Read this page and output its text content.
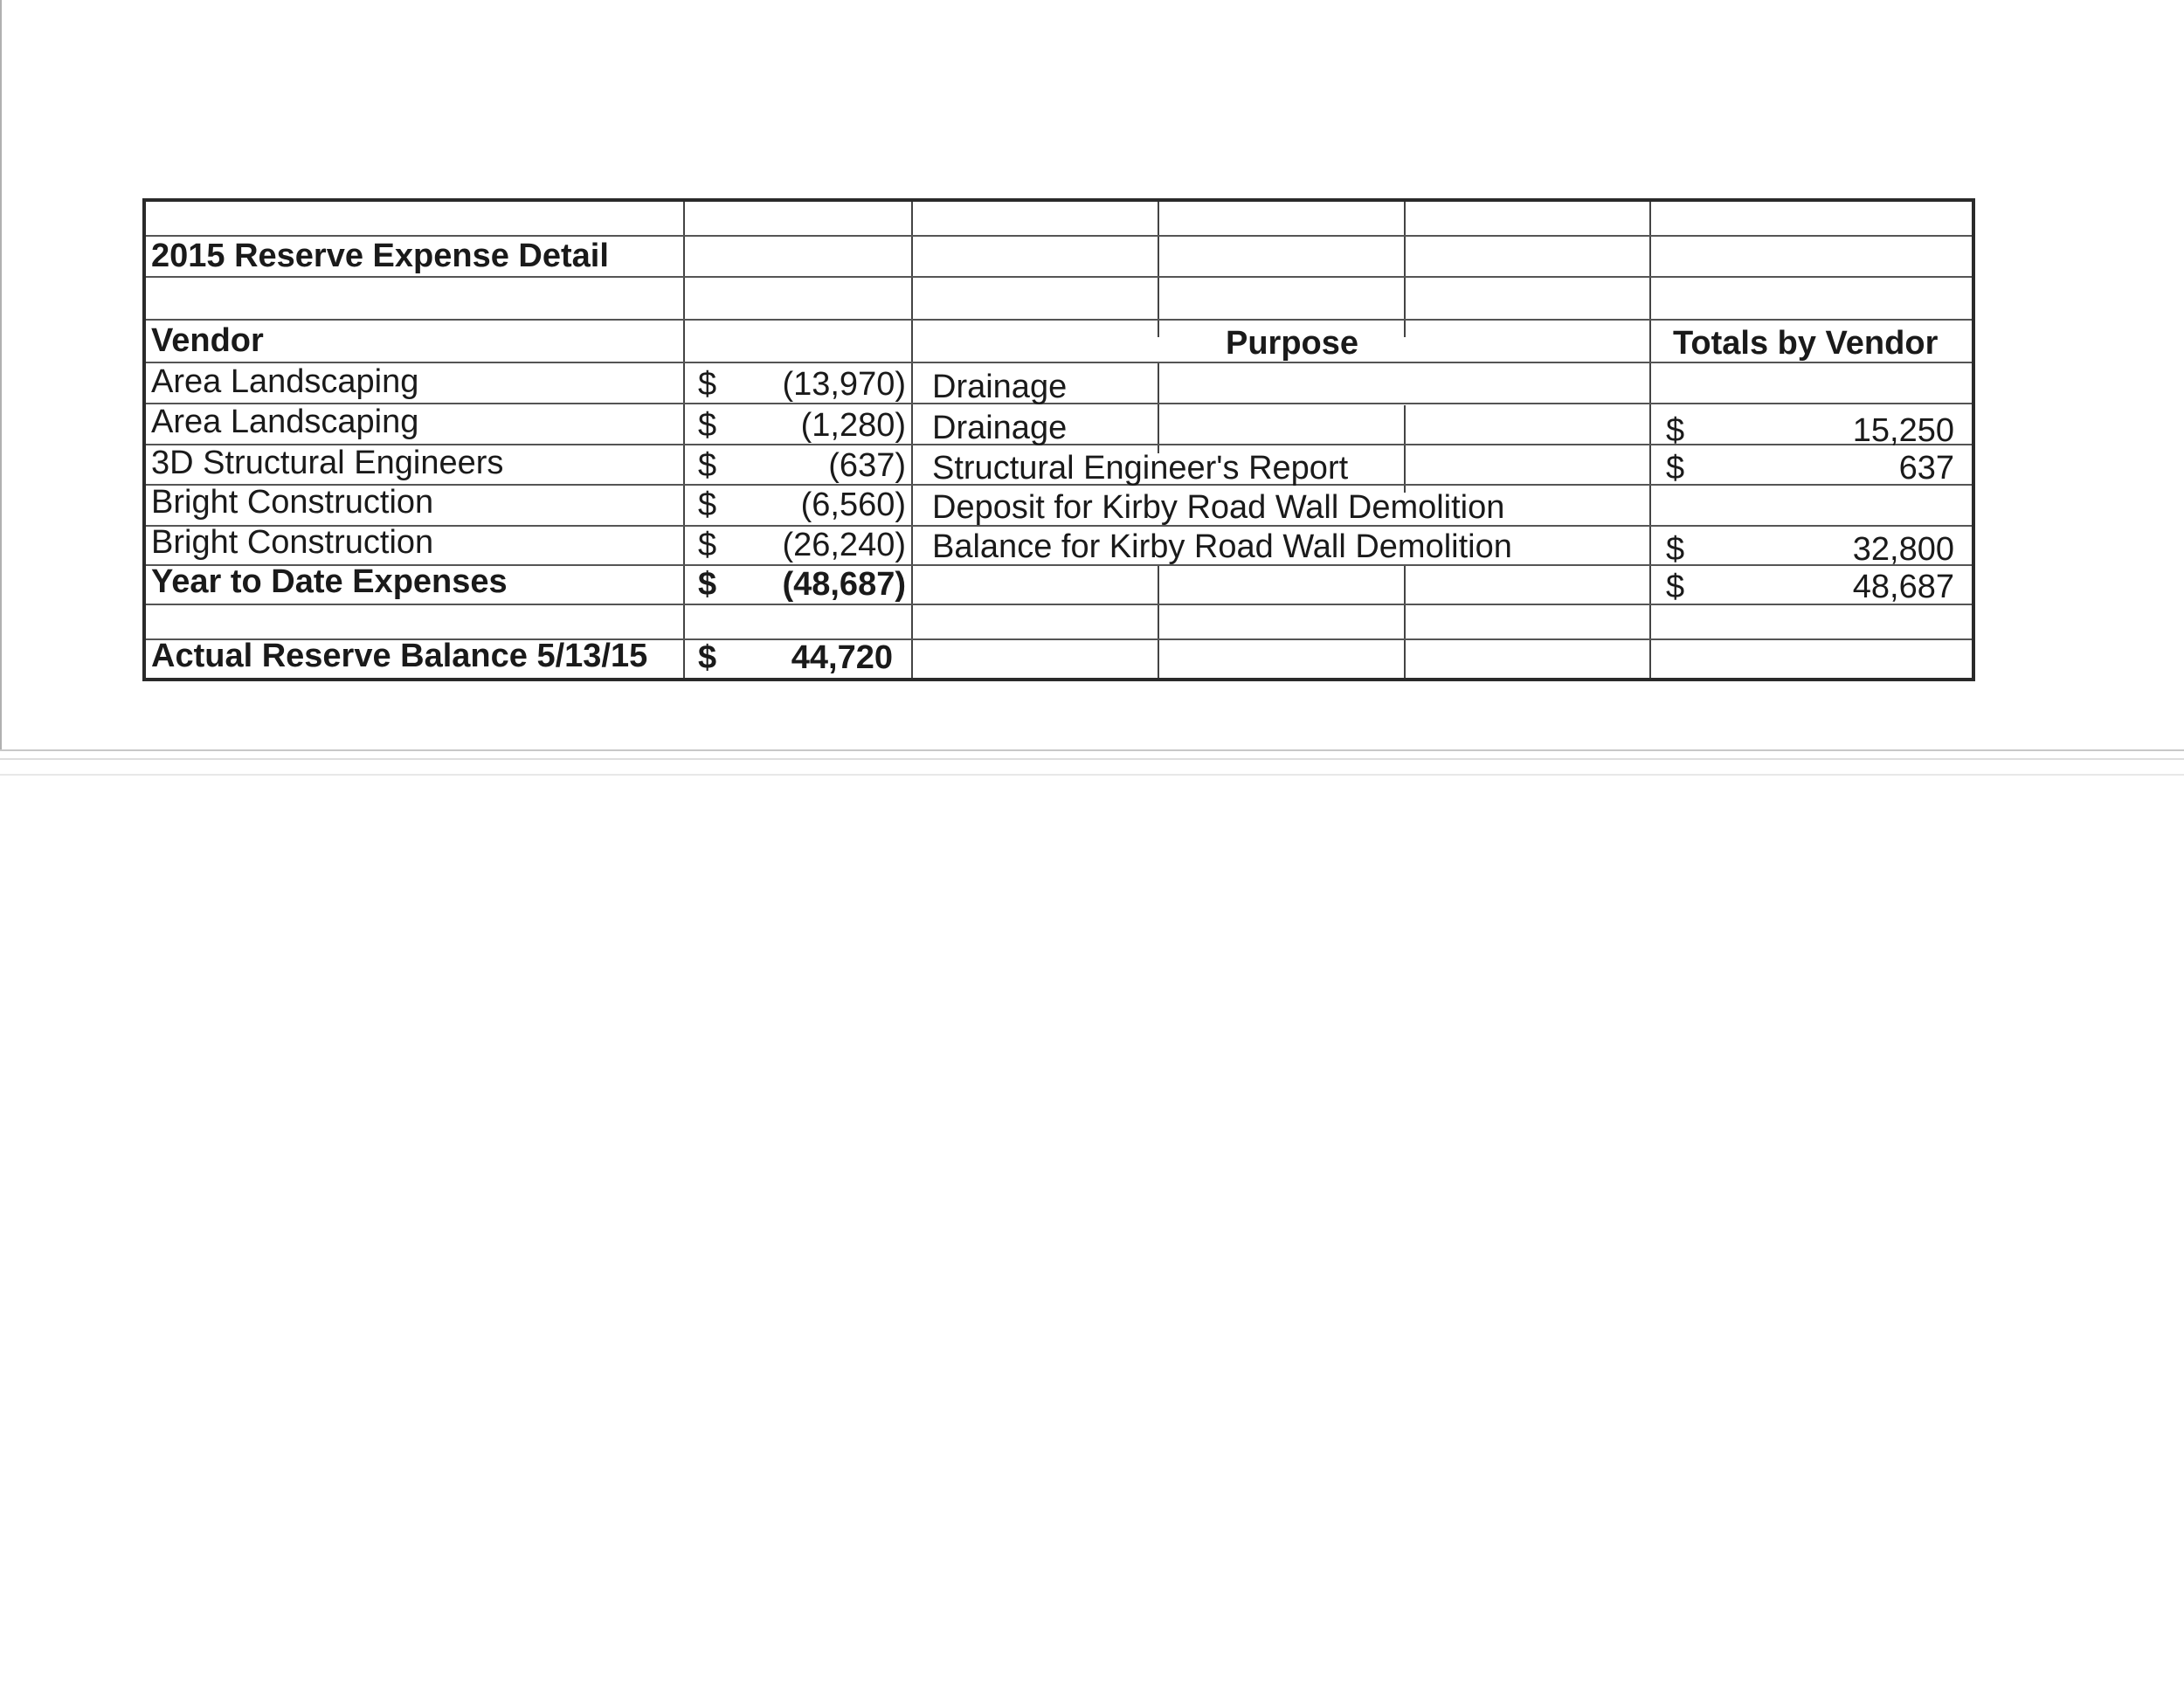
2015 Reserve Expense Detail
Vendor	Purpose	Totals by Vendor
Area Landscaping	$	(13,970) Drainage
Area Landscaping	$	(1,280) Drainage	$	15,250
3D Structural Engineers	$	(637) Structural Engineer's Report	$	637
Bright Construction	$	(6,560) Deposit for Kirby Road Wall Demolition
Bright Construction	$	(26,240) Balance for Kirby Road Wall Demolition	$	32,800
Year to Date Expenses	$	(48,687)	$	48,687
Actual Reserve Balance 5/13/15 $	44,720
